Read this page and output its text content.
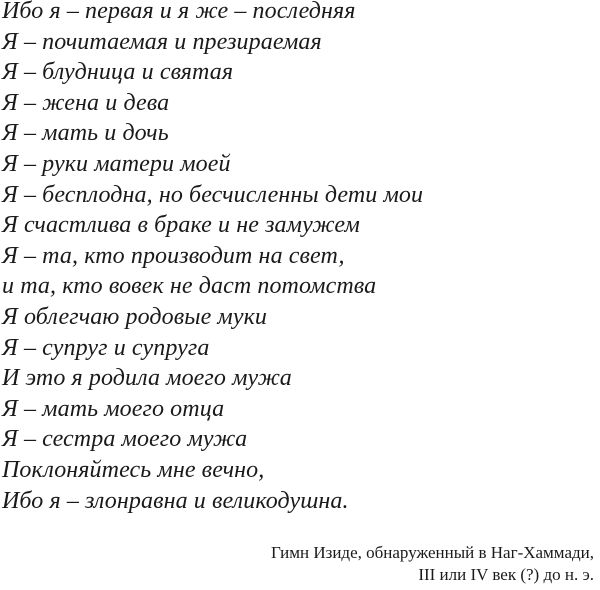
Ибо я – первая и я же – последняя
Я – почитаемая и презираемая
Я – блудница и святая
Я – жена и дева
Я – мать и дочь
Я – руки матери моей
Я – бесплодна, но бесчисленны дети мои
Я счастлива в браке и не замужем
Я – та, кто производит на свет,
и та, кто вовек не даст потомства
Я облегчаю родовые муки
Я – супруг и супруга
И это я родила моего мужа
Я – мать моего отца
Я – сестра моего мужа
Поклоняйтесь мне вечно,
Ибо я – злонравна и великодушна.
Гимн Изиде, обнаруженный в Наг-Хаммади,
III или IV век (?) до н. э.
